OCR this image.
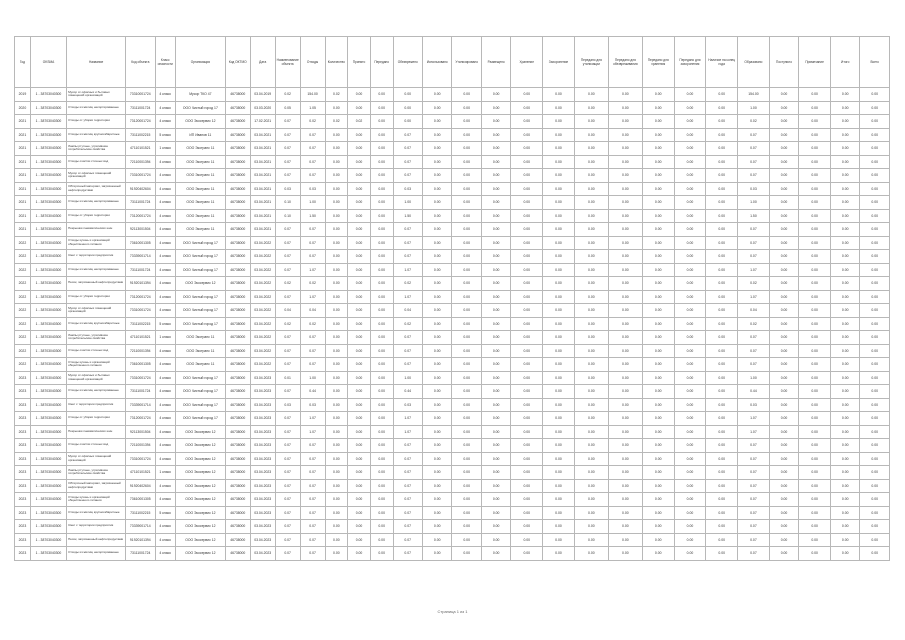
Год	OKSMA	Название	Код объекта	Класс опасности	Организация	Код ОКТМО	Дата	Наименование объекта	Отходы	Количество	Принято	Передано	Обезврежено	Использовано	Утилизировано	Размещено	Хранение	Захоронение	Передано для утилизации	Передано для обезвреживания	Передано для хранения	Передано для захоронения	Наличие на конец года	Образовано	Поступило	Примечание	Итого	Всего
2019	1 - 38703040300	Мусор от офисных и бытовых помещений организаций	73310001724	4 класс	Мусор ТКО 47	46738000	03.04.2019	0.02	154.00	0.02	0.00	0.00	0.00	0.00	0.00	0.00	0.00	0.00	0.00	0.00	0.00	0.00	0.00	154.00	0.00	0.00	0.00	0.00
2020	1 - 38703040300	Отходы из жилищ несортированные	73111001724	4 класс	ООО Чистый город 17	46738000	03.03.2020	0.05	1.05	0.00	0.00	0.00	0.00	0.00	0.00	0.00	0.00	0.00	0.00	0.00	0.00	0.00	0.00	1.00	0.00	0.00	0.00	0.00
2021	1 - 38703040300	Отходы от уборки территории	73120001724	4 класс	ООО Экосервис 12	46738000	17.02.2021	0.07	0.02	0.02	0.02	0.00	0.00	0.00	0.00	0.00	0.00	0.00	0.00	0.00	0.00	0.00	0.00	0.02	0.00	0.00	0.00	0.00
2021	1 - 38703040300	Отходы из жилищ крупногабаритные	73111002215	5 класс	ИП Иванов 11	46738000	03.04.2021	0.07	0.07	0.00	0.00	0.00	0.07	0.00	0.00	0.00	0.00	0.00	0.00	0.00	0.00	0.00	0.00	0.07	0.00	0.00	0.00	0.00
2021	1 - 38703040300	Лампы ртутные, утратившие потребительские свойства	47110101521	1 класс	ООО Экотранс 11	46738000	03.04.2021	0.07	0.07	0.00	0.00	0.00	0.07	0.00	0.00	0.00	0.00	0.00	0.00	0.00	0.00	0.00	0.00	0.07	0.00	0.00	0.00	0.00
2021	1 - 38703040300	Отходы очистки сточных вод	72110001394	4 класс	ООО Экотранс 11	46738000	03.04.2021	0.07	0.07	0.00	0.00	0.00	0.07	0.00	0.00	0.00	0.00	0.00	0.00	0.00	0.00	0.00	0.00	0.07	0.00	0.00	0.00	0.00
2021	1 - 38703040300	Мусор от офисных помещений организаций	73310001724	4 класс	ООО Экотранс 11	46738000	03.04.2021	0.07	0.07	0.00	0.00	0.00	0.07	0.00	0.00	0.00	0.00	0.00	0.00	0.00	0.00	0.00	0.00	0.07	0.00	0.00	0.00	0.00
2021	1 - 38703040300	Обтирочный материал, загрязненный нефтепродуктами	91920402604	4 класс	ООО Экотранс 11	46738000	03.04.2021	0.03	0.03	0.00	0.00	0.00	0.03	0.00	0.00	0.00	0.00	0.00	0.00	0.00	0.00	0.00	0.00	0.03	0.00	0.00	0.00	0.00
2021	1 - 38703040300	Отходы из жилищ несортированные	73111001724	4 класс	ООО Экотранс 11	46738000	03.04.2021	0.10	1.00	0.00	0.00	0.00	1.00	0.00	0.00	0.00	0.00	0.00	0.00	0.00	0.00	0.00	0.00	1.00	0.00	0.00	0.00	0.00
2021	1 - 38703040300	Отходы от уборки территории	73120001724	4 класс	ООО Экотранс 11	46738000	03.04.2021	0.10	1.50	0.00	0.00	0.00	1.50	0.00	0.00	0.00	0.00	0.00	0.00	0.00	0.00	0.00	0.00	1.50	0.00	0.00	0.00	0.00
2021	1 - 38703040300	Покрышки пневматических шин	92113001504	4 класс	ООО Экотранс 11	46738000	03.04.2021	0.07	0.07	0.00	0.00	0.00	0.07	0.00	0.00	0.00	0.00	0.00	0.00	0.00	0.00	0.00	0.00	0.07	0.00	0.00	0.00	0.00
2022	1 - 38703040300	Отходы кухонь и организаций общественного питания	73610001305	4 класс	ООО Чистый город 17	46738000	03.04.2022	0.07	0.07	0.00	0.00	0.00	0.07	0.00	0.00	0.00	0.00	0.00	0.00	0.00	0.00	0.00	0.00	0.07	0.00	0.00	0.00	0.00
2022	1 - 38703040300	Смет с территории предприятия	73339001714	4 класс	ООО Чистый город 17	46738000	03.04.2022	0.07	0.07	0.00	0.00	0.00	0.07	0.00	0.00	0.00	0.00	0.00	0.00	0.00	0.00	0.00	0.00	0.07	0.00	0.00	0.00	0.00
2022	1 - 38703040300	Отходы из жилищ несортированные	73111001724	4 класс	ООО Чистый город 17	46738000	03.04.2022	0.07	1.07	0.00	0.00	0.00	1.07	0.00	0.00	0.00	0.00	0.00	0.00	0.00	0.00	0.00	0.00	1.07	0.00	0.00	0.00	0.00
2022	1 - 38703040300	Песок, загрязненный нефтепродуктами	91920101394	4 класс	ООО Экосервис 12	46738000	03.04.2022	0.02	0.02	0.00	0.00	0.00	0.02	0.00	0.00	0.00	0.00	0.00	0.00	0.00	0.00	0.00	0.00	0.02	0.00	0.00	0.00	0.00
2022	1 - 38703040300	Отходы от уборки территории	73120001724	4 класс	ООО Чистый город 17	46738000	03.04.2022	0.07	1.07	0.00	0.00	0.00	1.07	0.00	0.00	0.00	0.00	0.00	0.00	0.00	0.00	0.00	0.00	1.07	0.00	0.00	0.00	0.00
2022	1 - 38703040300	Мусор от офисных помещений организаций	73310001724	4 класс	ООО Чистый город 17	46738000	03.04.2022	0.04	0.04	0.00	0.00	0.00	0.04	0.00	0.00	0.00	0.00	0.00	0.00	0.00	0.00	0.00	0.00	0.04	0.00	0.00	0.00	0.00
2022	1 - 38703040300	Отходы из жилищ крупногабаритные	73111002215	5 класс	ООО Чистый город 17	46738000	03.04.2022	0.02	0.02	0.00	0.00	0.00	0.02	0.00	0.00	0.00	0.00	0.00	0.00	0.00	0.00	0.00	0.00	0.02	0.00	0.00	0.00	0.00
2022	1 - 38703040300	Лампы ртутные, утратившие потребительские свойства	47110101521	1 класс	ООО Экотранс 11	46738000	03.04.2022	0.07	0.07	0.00	0.00	0.00	0.07	0.00	0.00	0.00	0.00	0.00	0.00	0.00	0.00	0.00	0.00	0.07	0.00	0.00	0.00	0.00
2022	1 - 38703040300	Отходы очистки сточных вод	72110001394	4 класс	ООО Экотранс 11	46738000	03.04.2022	0.07	0.07	0.00	0.00	0.00	0.07	0.00	0.00	0.00	0.00	0.00	0.00	0.00	0.00	0.00	0.00	0.07	0.00	0.00	0.00	0.00
2022	1 - 38703040300	Отходы кухонь и организаций общественного питания	73610001305	4 класс	ООО Экотранс 11	46738000	03.04.2022	0.07	0.07	0.00	0.00	0.00	0.07	0.00	0.00	0.00	0.00	0.00	0.00	0.00	0.00	0.00	0.00	0.07	0.00	0.00	0.00	0.00
2023	1 - 38703040300	Мусор от офисных и бытовых помещений организаций	73310001724	4 класс	ООО Чистый город 17	46738000	03.04.2023	0.01	1.00	0.00	0.00	0.00	1.00	0.00	0.00	0.00	0.00	0.00	0.00	0.00	0.00	0.00	0.00	1.00	0.00	0.00	0.00	0.00
2023	1 - 38703040300	Отходы из жилищ несортированные	73111001724	4 класс	ООО Чистый город 17	46738000	03.04.2023	0.07	0.44	0.00	0.00	0.00	0.44	0.00	0.00	0.00	0.00	0.00	0.00	0.00	0.00	0.00	0.00	0.44	0.00	0.00	0.00	0.00
2023	1 - 38703040300	Смет с территории предприятия	73339001714	4 класс	ООО Чистый город 17	46738000	03.04.2023	0.03	0.03	0.00	0.00	0.00	0.03	0.00	0.00	0.00	0.00	0.00	0.00	0.00	0.00	0.00	0.00	0.03	0.00	0.00	0.00	0.00
2023	1 - 38703040300	Отходы от уборки территории	73120001724	4 класс	ООО Чистый город 17	46738000	03.04.2023	0.07	1.07	0.00	0.00	0.00	1.07	0.00	0.00	0.00	0.00	0.00	0.00	0.00	0.00	0.00	0.00	1.07	0.00	0.00	0.00	0.00
2023	1 - 38703040300	Покрышки пневматических шин	92113001504	4 класс	ООО Экосервис 12	46738000	03.04.2023	0.07	1.07	0.00	0.00	0.00	1.07	0.00	0.00	0.00	0.00	0.00	0.00	0.00	0.00	0.00	0.00	1.07	0.00	0.00	0.00	0.00
2023	1 - 38703040300	Отходы очистки сточных вод	72110001394	4 класс	ООО Экосервис 12	46738000	03.04.2023	0.07	0.07	0.00	0.00	0.00	0.07	0.00	0.00	0.00	0.00	0.00	0.00	0.00	0.00	0.00	0.00	0.07	0.00	0.00	0.00	0.00
2023	1 - 38703040300	Мусор от офисных помещений организаций	73310001724	4 класс	ООО Экосервис 12	46738000	03.04.2023	0.07	0.07	0.00	0.00	0.00	0.07	0.00	0.00	0.00	0.00	0.00	0.00	0.00	0.00	0.00	0.00	0.07	0.00	0.00	0.00	0.00
2023	1 - 38703040300	Лампы ртутные, утратившие потребительские свойства	47110101521	1 класс	ООО Экосервис 12	46738000	03.04.2023	0.07	0.07	0.00	0.00	0.00	0.07	0.00	0.00	0.00	0.00	0.00	0.00	0.00	0.00	0.00	0.00	0.07	0.00	0.00	0.00	0.00
2023	1 - 38703040300	Обтирочный материал, загрязненный нефтепродуктами	91920402604	4 класс	ООО Экосервис 12	46738000	03.04.2023	0.07	0.07	0.00	0.00	0.00	0.07	0.00	0.00	0.00	0.00	0.00	0.00	0.00	0.00	0.00	0.00	0.07	0.00	0.00	0.00	0.00
2023	1 - 38703040300	Отходы кухонь и организаций общественного питания	73610001305	4 класс	ООО Экосервис 12	46738000	03.04.2023	0.07	0.07	0.00	0.00	0.00	0.07	0.00	0.00	0.00	0.00	0.00	0.00	0.00	0.00	0.00	0.00	0.07	0.00	0.00	0.00	0.00
2023	1 - 38703040300	Отходы из жилищ крупногабаритные	73111002215	5 класс	ООО Экосервис 12	46738000	03.04.2023	0.07	0.07	0.00	0.00	0.00	0.07	0.00	0.00	0.00	0.00	0.00	0.00	0.00	0.00	0.00	0.00	0.07	0.00	0.00	0.00	0.00
2023	1 - 38703040300	Смет с территории предприятия	73339001714	4 класс	ООО Экосервис 12	46738000	03.04.2023	0.07	0.07	0.00	0.00	0.00	0.07	0.00	0.00	0.00	0.00	0.00	0.00	0.00	0.00	0.00	0.00	0.07	0.00	0.00	0.00	0.00
2023	1 - 38703040300	Песок, загрязненный нефтепродуктами	91920101394	4 класс	ООО Экосервис 12	46738000	03.04.2023	0.07	0.07	0.00	0.00	0.00	0.07	0.00	0.00	0.00	0.00	0.00	0.00	0.00	0.00	0.00	0.00	0.07	0.00	0.00	0.00	0.00
2023	1 - 38703040300	Отходы из жилищ несортированные	73111001724	4 класс	ООО Экосервис 12	46738000	03.04.2023	0.07	0.07	0.00	0.00	0.00	0.07	0.00	0.00	0.00	0.00	0.00	0.00	0.00	0.00	0.00	0.00	0.07	0.00	0.00	0.00	0.00
Страница 1 из 1
